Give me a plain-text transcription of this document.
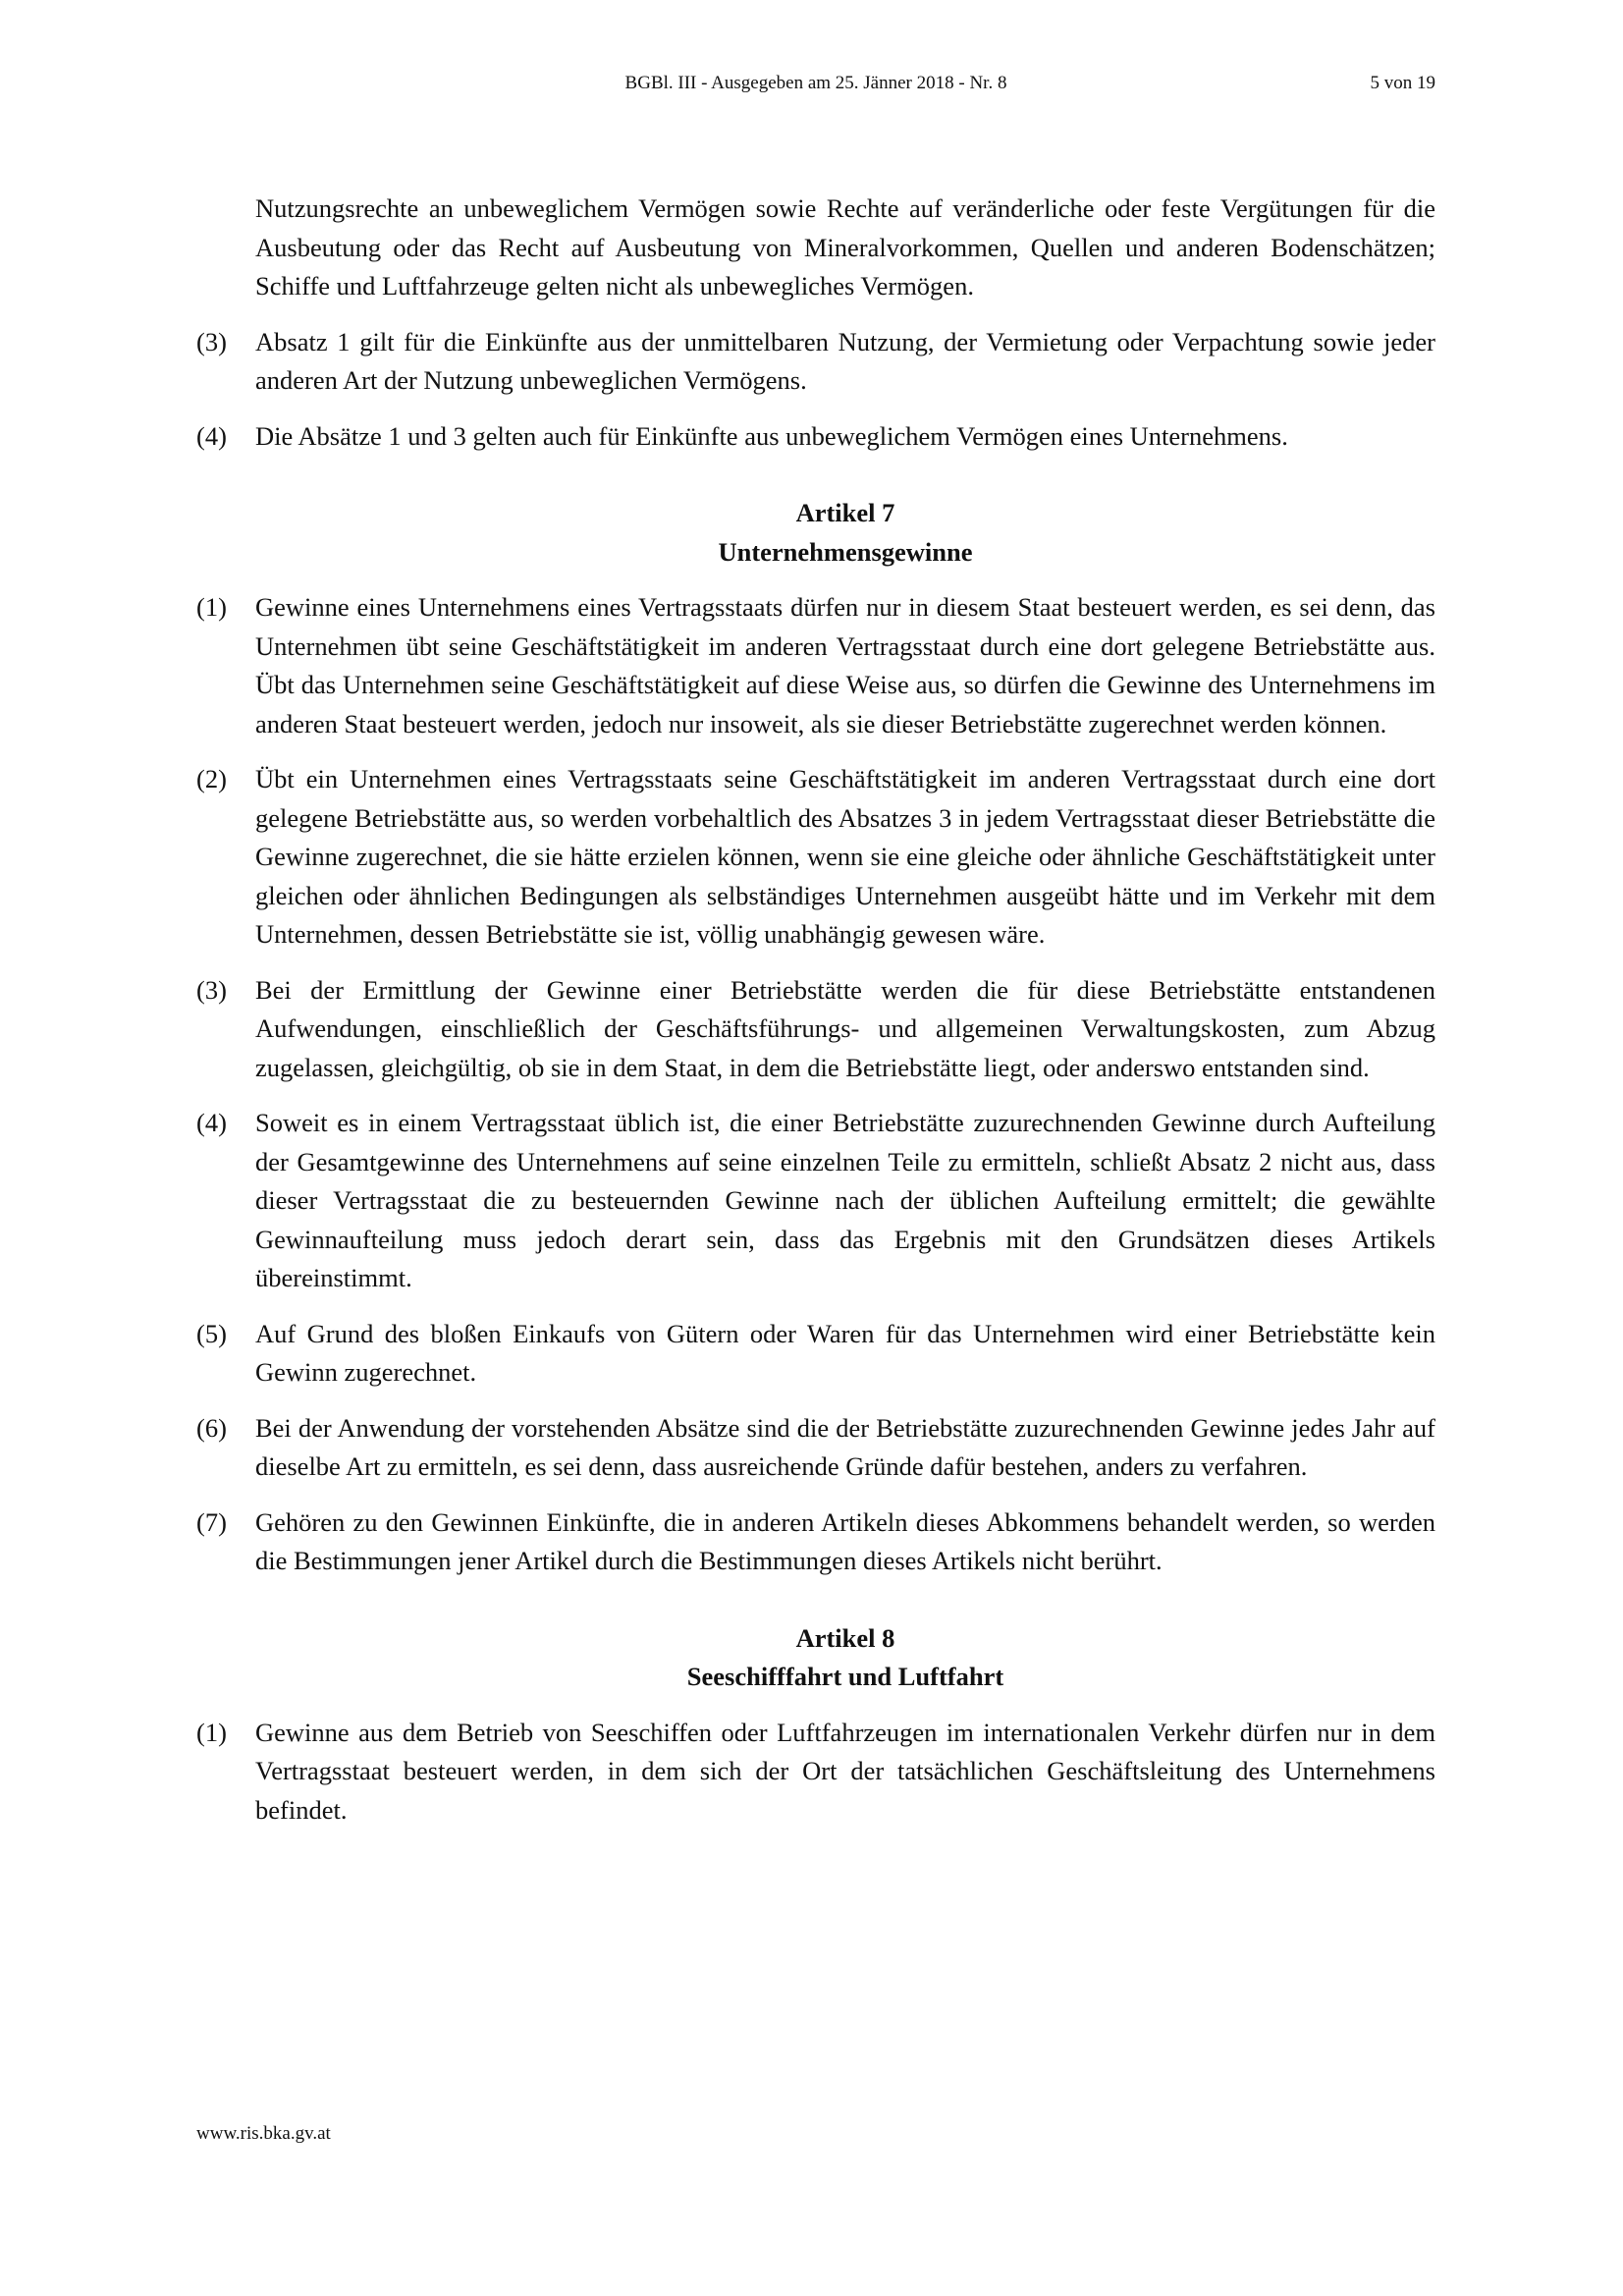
BGBl. III - Ausgegeben am 25. Jänner 2018 - Nr. 8	5 von 19

Nutzungsrechte an unbeweglichem Vermögen sowie Rechte auf veränderliche oder feste Vergütungen für die Ausbeutung oder das Recht auf Ausbeutung von Mineralvorkommen, Quellen und anderen Bodenschätzen; Schiffe und Luftfahrzeuge gelten nicht als unbewegliches Vermögen.

(3) Absatz 1 gilt für die Einkünfte aus der unmittelbaren Nutzung, der Vermietung oder Verpachtung sowie jeder anderen Art der Nutzung unbeweglichen Vermögens.
(4) Die Absätze 1 und 3 gelten auch für Einkünfte aus unbeweglichem Vermögen eines Unternehmens.

Artikel 7

Unternehmensgewinne

(1) Gewinne eines Unternehmens eines Vertragsstaats dürfen nur in diesem Staat besteuert werden, es sei denn, das Unternehmen übt seine Geschäftstätigkeit im anderen Vertragsstaat durch eine dort gelegene Betriebstätte aus. Übt das Unternehmen seine Geschäftstätigkeit auf diese Weise aus, so dürfen die Gewinne des Unternehmens im anderen Staat besteuert werden, jedoch nur insoweit, als sie dieser Betriebstätte zugerechnet werden können.
(2) Übt ein Unternehmen eines Vertragsstaats seine Geschäftstätigkeit im anderen Vertragsstaat durch eine dort gelegene Betriebstätte aus, so werden vorbehaltlich des Absatzes 3 in jedem Vertragsstaat dieser Betriebstätte die Gewinne zugerechnet, die sie hätte erzielen können, wenn sie eine gleiche oder ähnliche Geschäftstätigkeit unter gleichen oder ähnlichen Bedingungen als selbständiges Unternehmen ausgeübt hätte und im Verkehr mit dem Unternehmen, dessen Betriebstätte sie ist, völlig unabhängig gewesen wäre.
(3) Bei der Ermittlung der Gewinne einer Betriebstätte werden die für diese Betriebstätte entstandenen Aufwendungen, einschließlich der Geschäftsführungs- und allgemeinen Verwaltungskosten, zum Abzug zugelassen, gleichgültig, ob sie in dem Staat, in dem die Betriebstätte liegt, oder anderswo entstanden sind.
(4) Soweit es in einem Vertragsstaat üblich ist, die einer Betriebstätte zuzurechnenden Gewinne durch Aufteilung der Gesamtgewinne des Unternehmens auf seine einzelnen Teile zu ermitteln, schließt Absatz 2 nicht aus, dass dieser Vertragsstaat die zu besteuernden Gewinne nach der üblichen Aufteilung ermittelt; die gewählte Gewinnaufteilung muss jedoch derart sein, dass das Ergebnis mit den Grundsätzen dieses Artikels übereinstimmt.
(5) Auf Grund des bloßen Einkaufs von Gütern oder Waren für das Unternehmen wird einer Betriebstätte kein Gewinn zugerechnet.
(6) Bei der Anwendung der vorstehenden Absätze sind die der Betriebstätte zuzurechnenden Gewinne jedes Jahr auf dieselbe Art zu ermitteln, es sei denn, dass ausreichende Gründe dafür bestehen, anders zu verfahren.
(7) Gehören zu den Gewinnen Einkünfte, die in anderen Artikeln dieses Abkommens behandelt werden, so werden die Bestimmungen jener Artikel durch die Bestimmungen dieses Artikels nicht berührt.

Artikel 8

Seeschifffahrt und Luftfahrt

(1) Gewinne aus dem Betrieb von Seeschiffen oder Luftfahrzeugen im internationalen Verkehr dürfen nur in dem Vertragsstaat besteuert werden, in dem sich der Ort der tatsächlichen Geschäftsleitung des Unternehmens befindet.
www.ris.bka.gv.at
